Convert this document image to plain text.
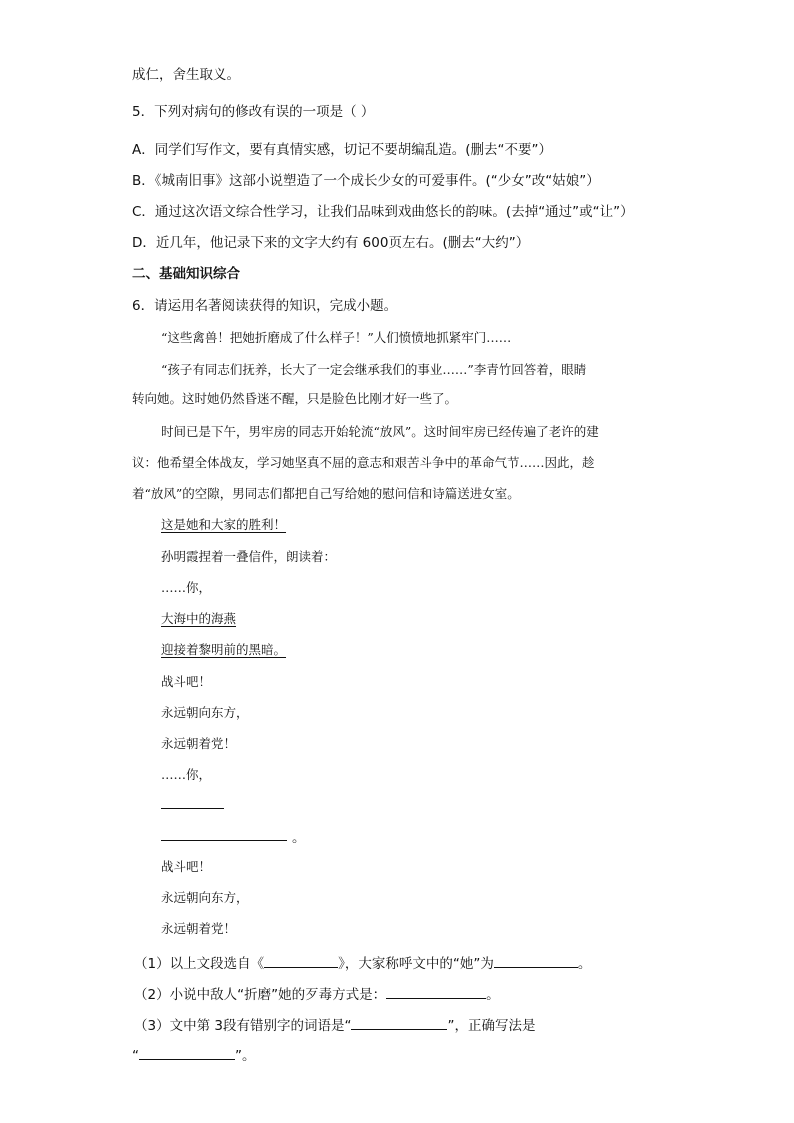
成仁，舍生取义。
5．下列对病句的修改有误的一项是（ ）
A．同学们写作文，要有真情实感，切记不要胡编乱造。(删去“不要”）
B．《城南旧事》这部小说塑造了一个成长少女的可爱事件。(“少女”改“姑娘”）
C．通过这次语文综合性学习，让我们品味到戏曲悠长的韵味。(去掉“通过”或“让”）
D．近几年，他记录下来的文字大约有 600页左右。(删去“大约”）
二、基础知识综合
6．请运用名著阅读获得的知识，完成小题。
“这些禽兽！把她折磨成了什么样子！”人们愤愤地抓紧牢门……
“孩子有同志们抚养，长大了一定会继承我们的事业……”李青竹回答着，眼睛
转向她。这时她仍然昏迷不醒，只是脸色比刚才好一些了。
时间已是下午，男牢房的同志开始轮流“放风”。这时间牢房已经传遍了老许的建
议：他希望全体战友，学习她坚真不屈的意志和艰苦斗争中的革命气节……因此，趁
着“放风”的空隙，男同志们都把自己写给她的慰问信和诗篇送进女室。
这是她和大家的胜利！
孙明霞捏着一叠信件，朗读着：
……你，
大海中的海燕
迎接着黎明前的黑暗。
战斗吧！
永远朝向东方，
永远朝着党！
……你，
。
战斗吧！
永远朝向东方，
永远朝着党！
（1）以上文段选自《	》，大家称呼文中的“她”为	。
（2）小说中敌人“折磨”她的歹毒方式是：	。
（3）文中第 3段有错别字的词语是“	”，正确写法是
“	”。
